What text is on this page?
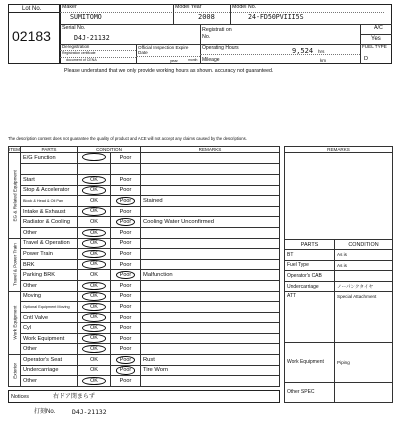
Lot No.
02183
Maker
SUMITOMO
Model Year
2008
Model No.
24-FD50PVIII5S
Serial No.
D4J-21132
Registrati on No.
A/C
Yes
Deregistration
Registration certificate
document of CENA
Official Inspection Expire Date
year	month
Operating Hours	9,524 hrs
Mileage	km
FUEL TYPE
D
Please understand that we only provide working hours as shown. accuracy not guaranteed.
The description content does not guarantee the quality of product and ACE will not accept any claims caused by the descriptions.
ITEM	PARTS	CONDITION		REMARKS
EG & Related Equipment	E/G Function		Poor	

	Start	OK	Poor	
	Stop & Accelerator	OK	Poor	
	Block & Head & Oil Pan	OK	Poor	Stained
	Intake & Exhaust	OK	Poor	
	Radiator & Cooling	OK	Poor	Cooling Water Unconfirmed
	Other	OK	Poor	
Travel & Power Train	Travel & Operation	OK	Poor	
	Power Train	OK	Poor	
	BRK	OK	Poor	
	Parking BRK	OK	Poor	Malfunction
	Other	OK	Poor	
Work Equipment	Moving	OK	Poor	
	Optional Equipment Moving	OK	Poor	
	Cntl Valve	OK	Poor	
	Cyl	OK	Poor	
	Work Equipment	OK	Poor	
	Other	OK	Poor	
Exterior	Operator's Seat	OK	Poor	Rust
	Undercarriage	OK	Poor	Tire Worn
	Other	OK	Poor	
REMARKS	

PARTS	CONDITION
BT	As is
Fuel Type	As is
Operator's CAB	
Undercarriage	ノーパンクタイヤ
ATT	Special Attachment
Work Equipment	Piping
Other SPEC	
Notices	右ドア閉まらず
打刻No.	D4J-21132
